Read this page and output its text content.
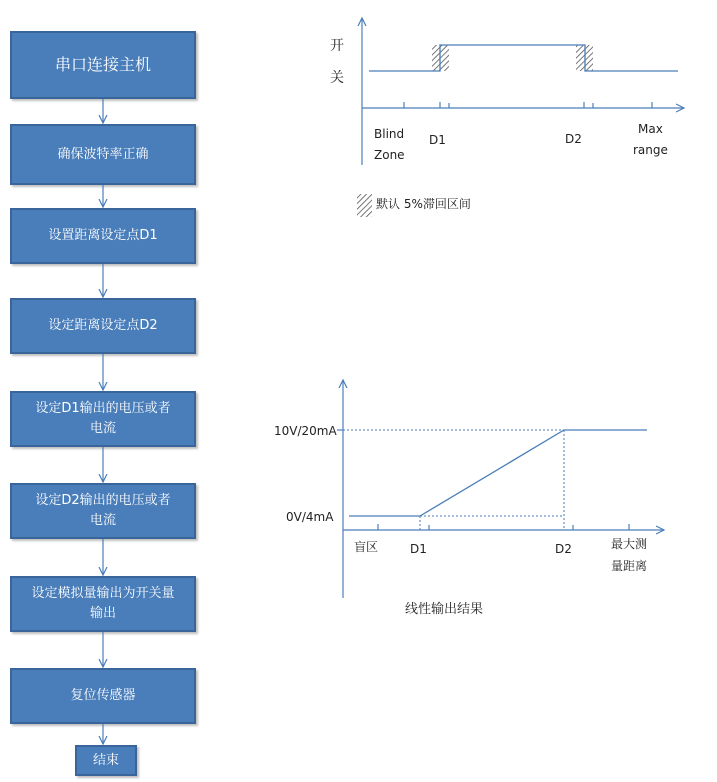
串口连接主机
确保波特率正确
设置距离设定点D1
设定距离设定点D2
设定D1输出的电压或者
电流
设定D2输出的电压或者
电流
设定模拟量输出为开关量
输出
复位传感器
结束
开
关
Blind
Zone
D1	D2
Max
range
默认 5%滞回区间
10V/20mA
0V/4mA
盲区	D1	D2	最大测
量距离
线性输出结果
